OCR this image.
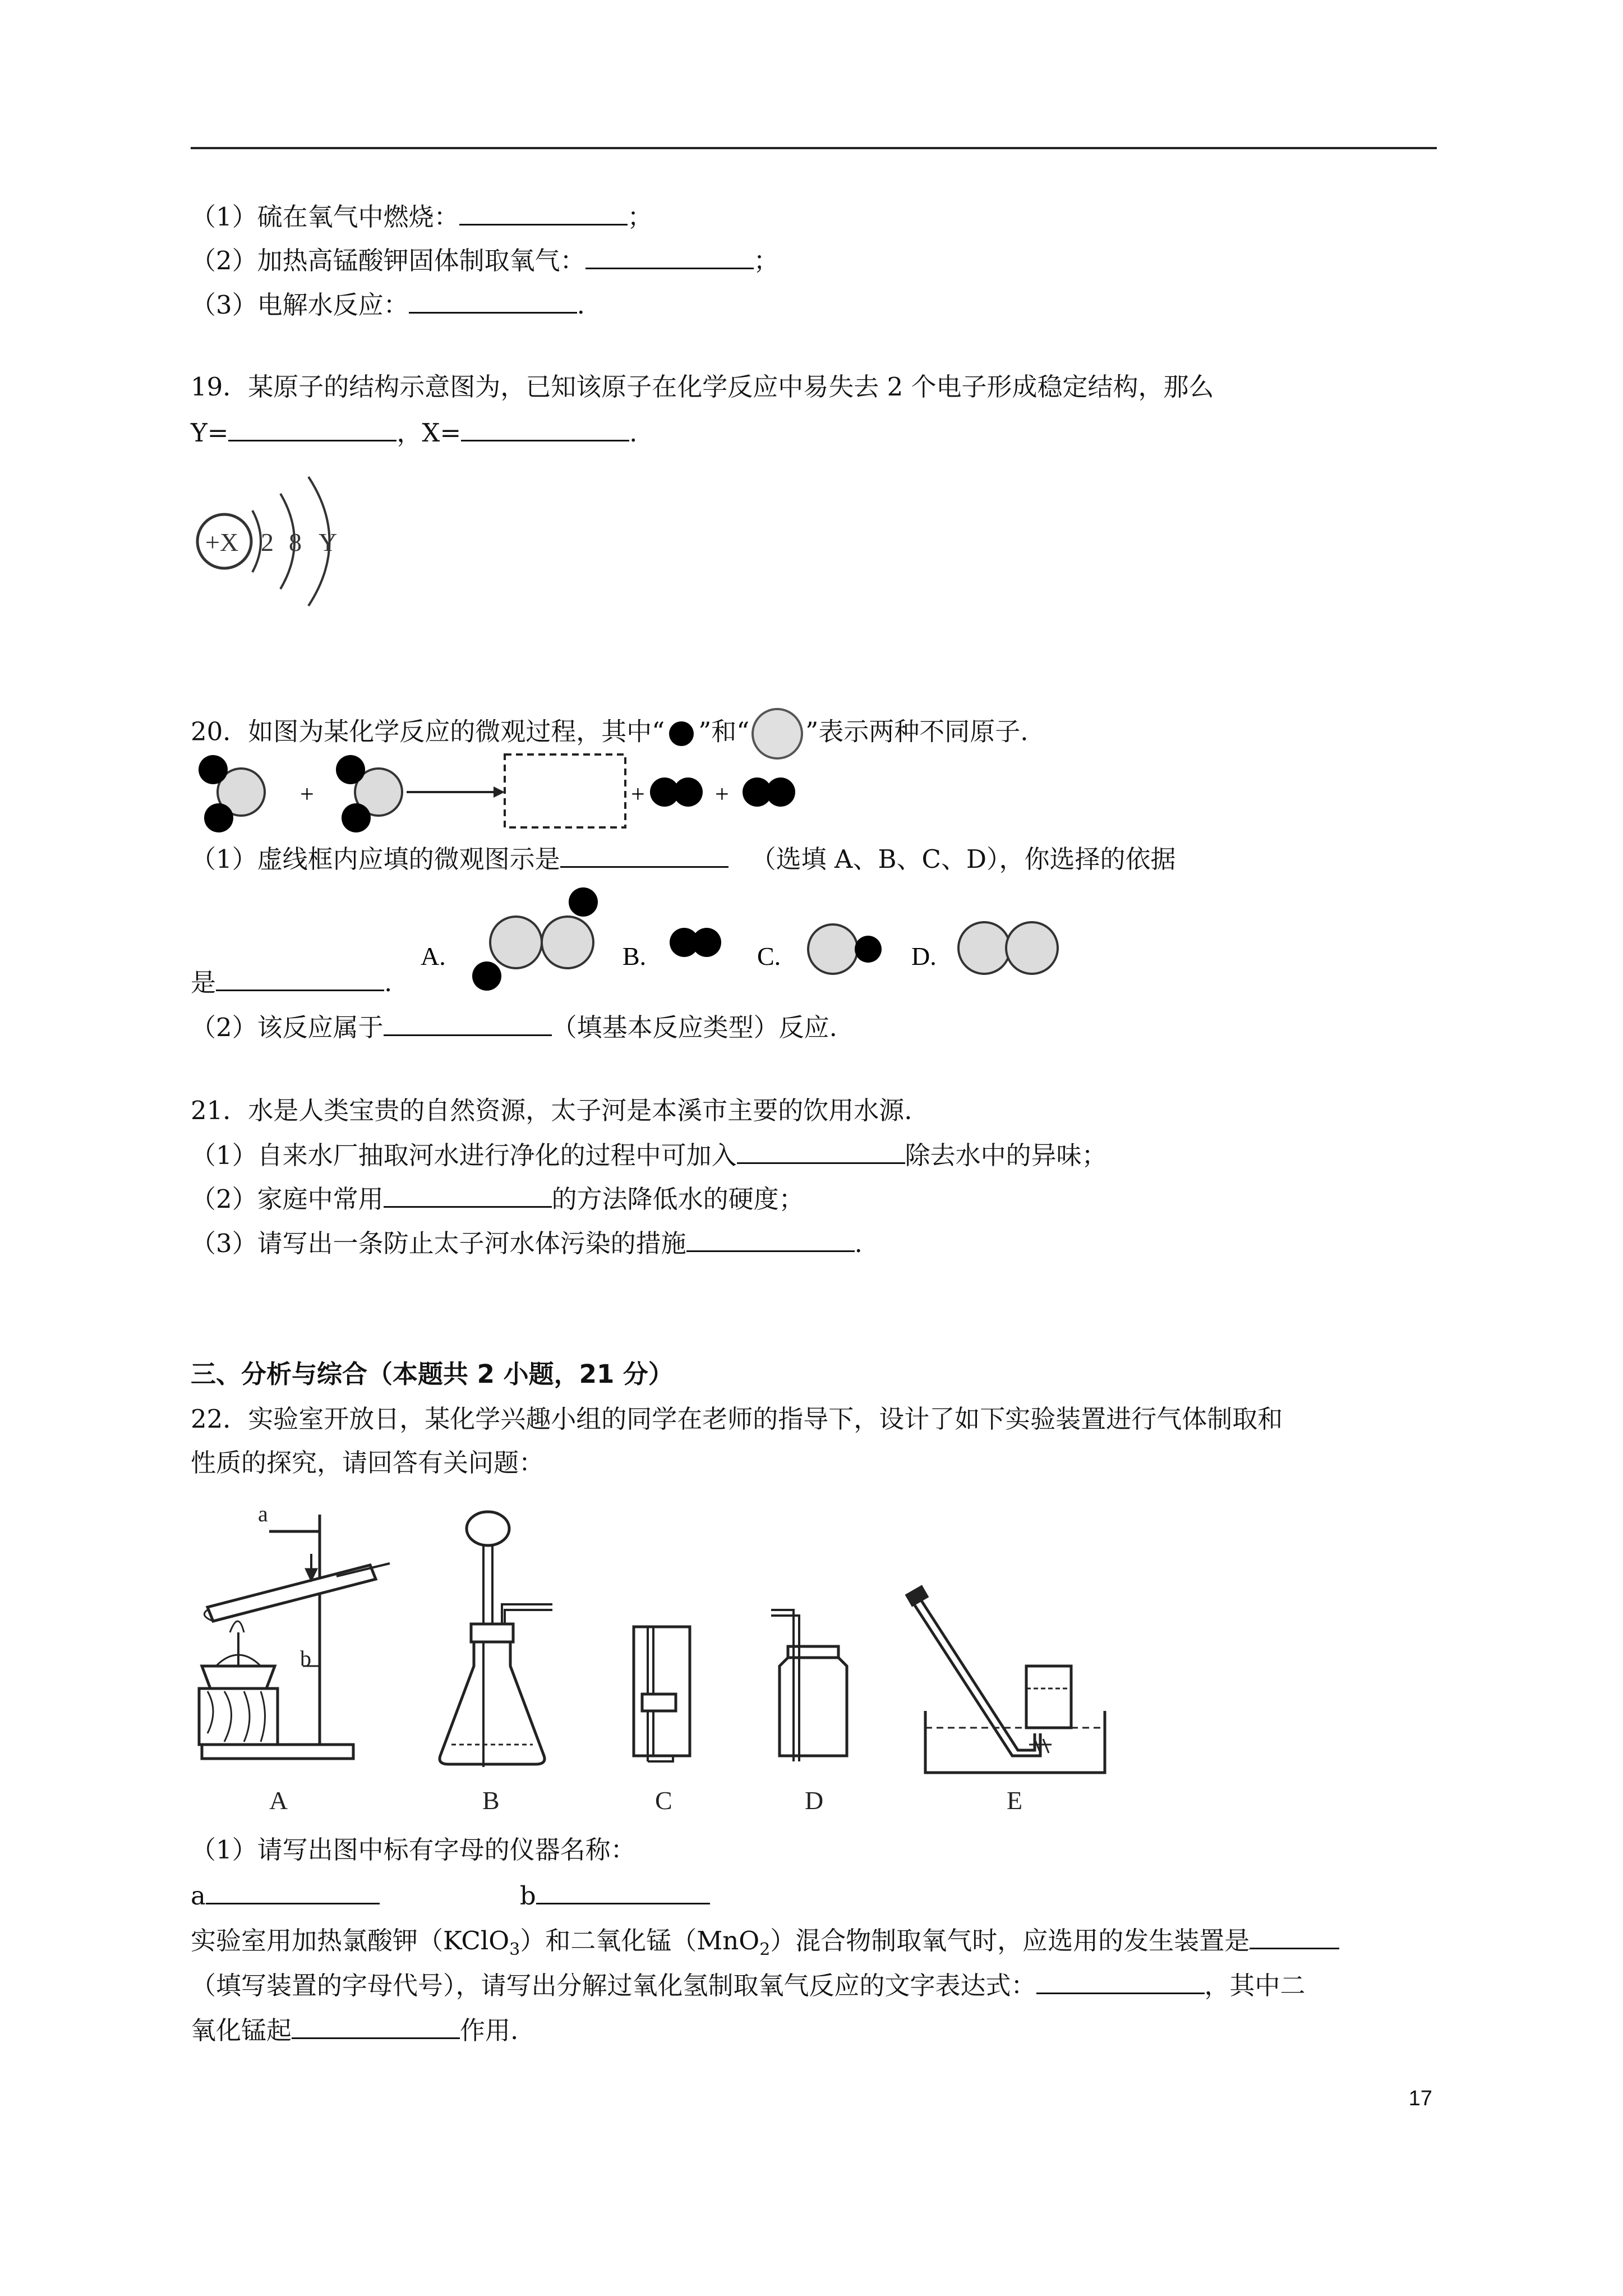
（1）硫在氧气中燃烧：	；
（2）加热高锰酸钾固体制取氧气：	；
（3）电解水反应：	.
19．某原子的结构示意图为，已知该原子在化学反应中易失去 2 个电子形成稳定结构，那么
Y=	，X=	.
+X 2 8 Y
20．如图为某化学反应的微观过程，其中“ ”和“ ”表示两种不同原子.
+	+	+
（1）虚线框内应填的微观图示是	（选填 A、B、C、D），你选择的依据
是	.
A.	B.	C.	D.
（2）该反应属于	（填基本反应类型）反应.
21．水是人类宝贵的自然资源，太子河是本溪市主要的饮用水源.
（1）自来水厂抽取河水进行净化的过程中可加入	除去水中的异味；
（2）家庭中常用	的方法降低水的硬度；
（3）请写出一条防止太子河水体污染的措施	.
三、分析与综合（本题共 2 小题，21 分）
22．实验室开放日，某化学兴趣小组的同学在老师的指导下，设计了如下实验装置进行气体制取和
性质的探究，请回答有关问题：
a
b
A	B	C	D	E
（1）请写出图中标有字母的仪器名称：
a	b
实验室用加热氯酸钾（KClO$_3$）和二氧化锰（MnO$_2$）混合物制取氧气时，应选用的发生装置是
（填写装置的字母代号），请写出分解过氧化氢制取氧气反应的文字表达式：	，其中二
氧化锰起	作用.
17
